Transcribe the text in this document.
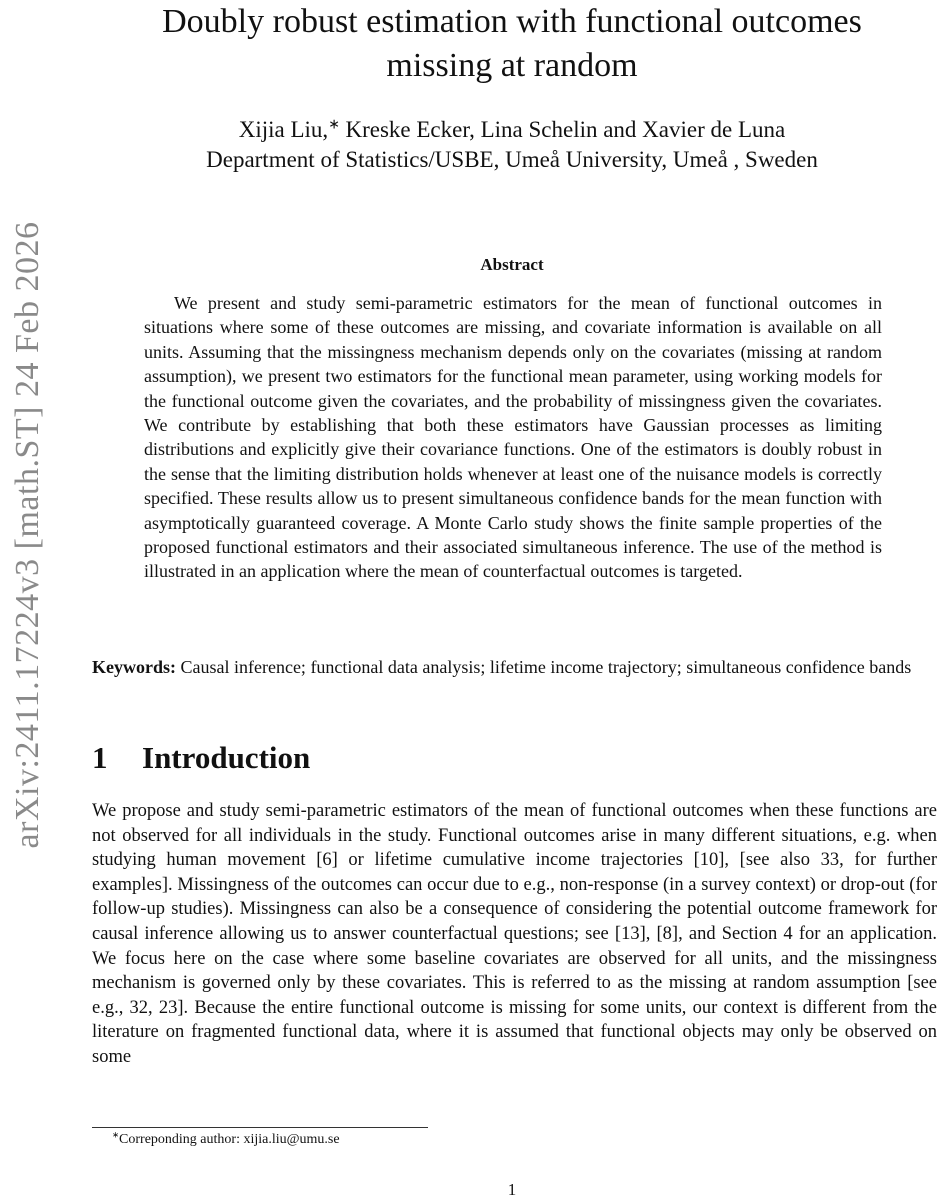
arXiv:2411.17224v3 [math.ST] 24 Feb 2026
Doubly robust estimation with functional outcomes
missing at random
Xijia Liu,∗ Kreske Ecker, Lina Schelin and Xavier de Luna
Department of Statistics/USBE, Umeå University, Umeå , Sweden
Abstract

We present and study semi-parametric estimators for the mean of functional outcomes in situations where some of these outcomes are missing, and covariate information is available on all units. Assuming that the missingness mechanism depends only on the covariates (missing at random assumption), we present two estimators for the functional mean parameter, using working models for the functional outcome given the covariates, and the probability of missingness given the covariates. We contribute by establishing that both these estimators have Gaussian processes as limiting distributions and explicitly give their covariance functions. One of the estimators is doubly robust in the sense that the limiting distribution holds whenever at least one of the nuisance models is correctly specified. These results allow us to present simultaneous confidence bands for the mean function with asymptotically guaranteed coverage. A Monte Carlo study shows the finite sample properties of the proposed functional estimators and their associated simultaneous inference. The use of the method is illustrated in an application where the mean of counterfactual outcomes is targeted.

Keywords: Causal inference; functional data analysis; lifetime income trajectory; simultaneous confidence bands

1 Introduction

We propose and study semi-parametric estimators of the mean of functional outcomes when these functions are not observed for all individuals in the study. Functional outcomes arise in many different situations, e.g. when studying human movement [6] or lifetime cumulative income trajectories [10], [see also 33, for further examples]. Missingness of the outcomes can occur due to e.g., non-response (in a survey context) or drop-out (for follow-up studies). Missingness can also be a consequence of considering the potential outcome framework for causal inference allowing us to answer counterfactual questions; see [13], [8], and Section 4 for an application. We focus here on the case where some baseline covariates are observed for all units, and the missingness mechanism is governed only by these covariates. This is referred to as the missing at random assumption [see e.g., 32, 23]. Because the entire functional outcome is missing for some units, our context is different from the literature on fragmented functional data, where it is assumed that functional objects may only be observed on some

∗Correponding author: xijia.liu@umu.se
1
